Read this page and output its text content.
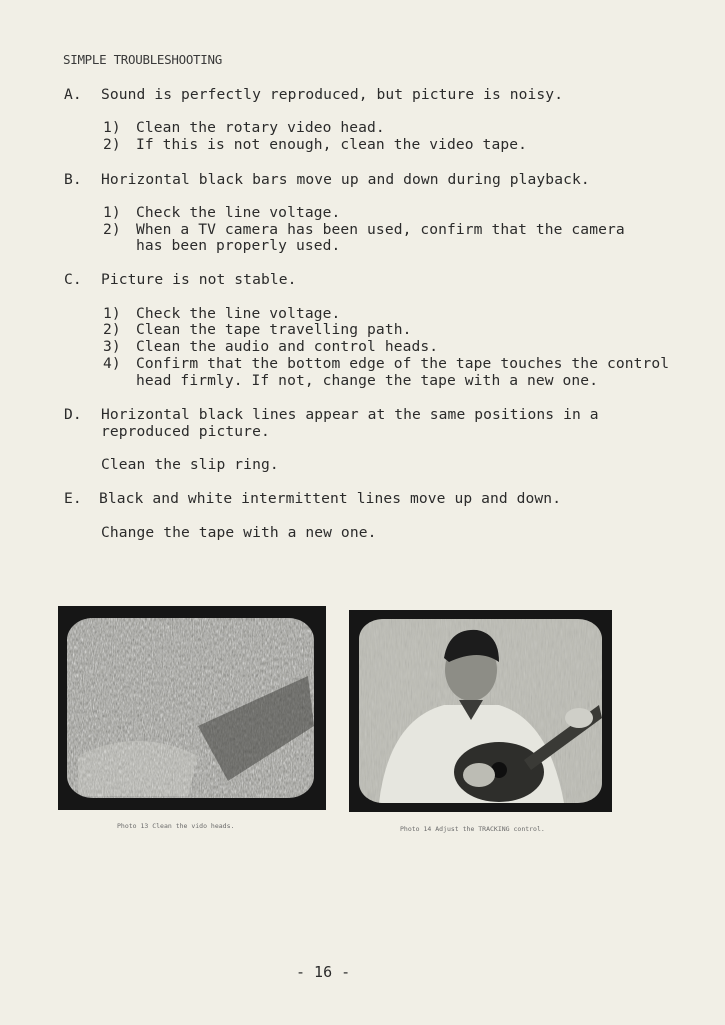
SIMPLE TROUBLESHOOTING
A. Sound is perfectly reproduced, but picture is noisy.
1) Clean the rotary video head.
2) If this is not enough, clean the video tape.
B. Horizontal black bars move up and down during playback.
1) Check the line voltage.
2) When a TV camera has been used, confirm that the camera
has been properly used.
C. Picture is not stable.
1) Check the line voltage.
2) Clean the tape travelling path.
3) Clean the audio and control heads.
4) Confirm that the bottom edge of the tape touches the control
head firmly. If not, change the tape with a new one.
D. Horizontal black lines appear at the same positions in a
reproduced picture.
Clean the slip ring.
E. Black and white intermittent lines move up and down.
Change the tape with a new one.
Photo 13 Clean the vido heads.	Photo 14 Adjust the TRACKING control.
- 16 -
